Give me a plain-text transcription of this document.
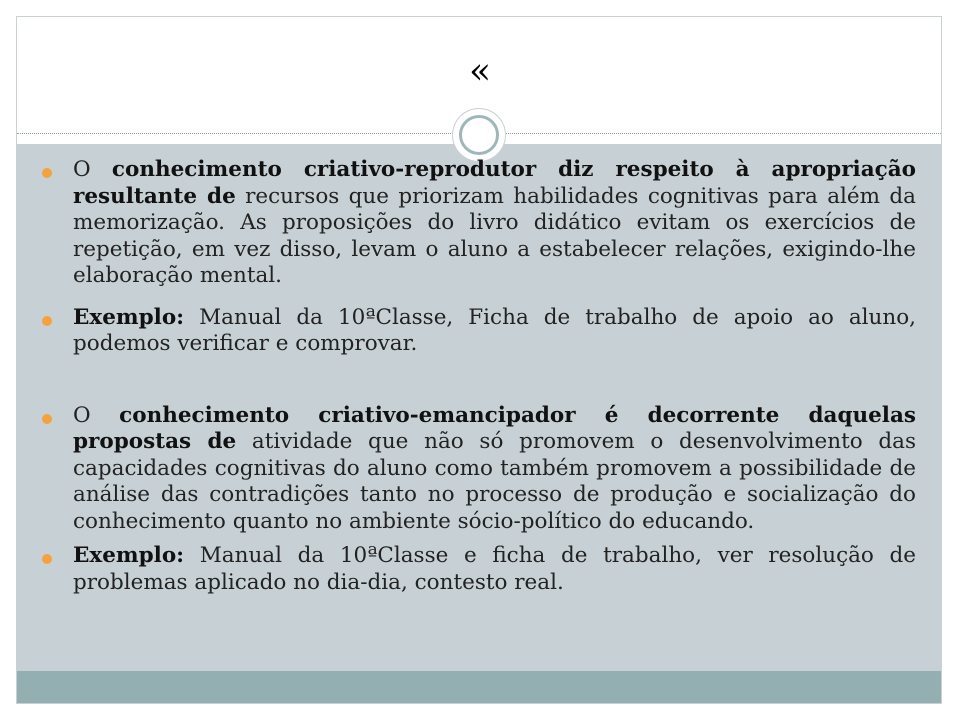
«

O conhecimento criativo-reprodutor diz respeito à apropriação resultante de recursos que priorizam habilidades cognitivas para além da memorização. As proposições do livro didático evitam os exercícios de repetição, em vez disso, levam o aluno a estabelecer relações, exigindo-lhe elaboração mental.

Exemplo: Manual da 10ªClasse, Ficha de trabalho de apoio ao aluno, podemos verificar e comprovar.

O conhecimento criativo-emancipador é decorrente daquelas propostas de atividade que não só promovem o desenvolvimento das capacidades cognitivas do aluno como também promovem a possibilidade de análise das contradições tanto no processo de produção e socialização do conhecimento quanto no ambiente sócio-político do educando.

Exemplo: Manual da 10ªClasse e ficha de trabalho, ver resolução de problemas aplicado no dia-dia, contesto real.
